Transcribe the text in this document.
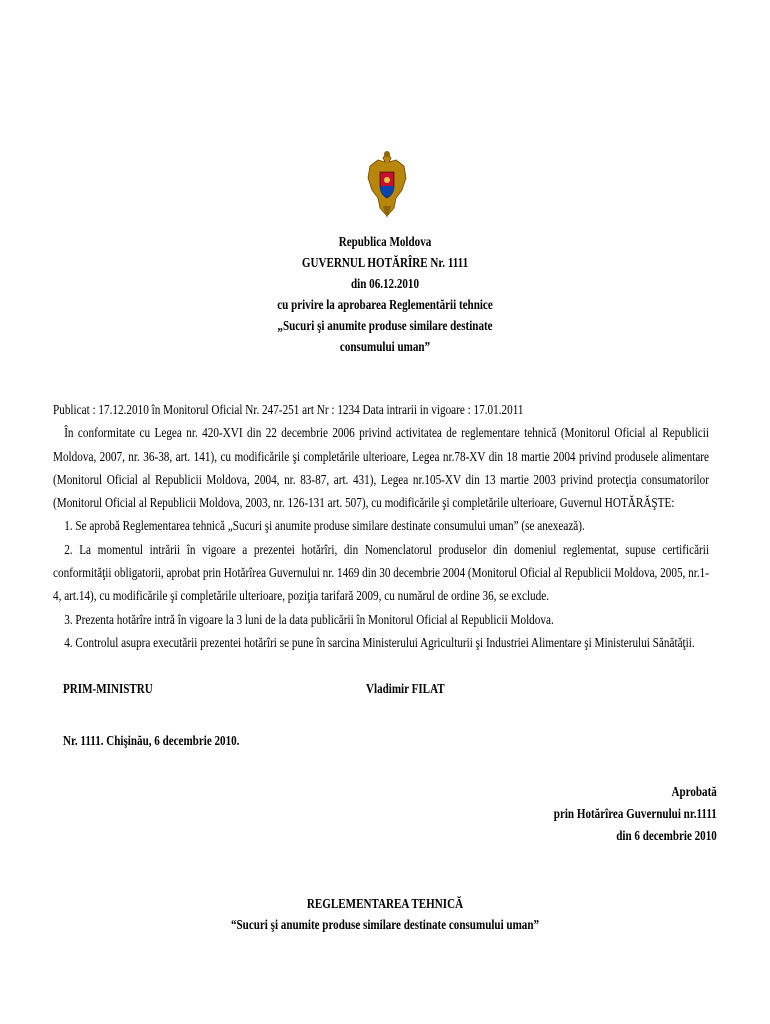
Republica Moldova
GUVERNUL HOTĂRÎRE Nr. 1111
din 06.12.2010
cu privire la aprobarea Reglementării tehnice
„Sucuri şi anumite produse similare destinate
consumului uman”

Publicat : 17.12.2010 în Monitorul Oficial Nr. 247-251 art Nr : 1234 Data intrarii in vigoare : 17.01.2011

În conformitate cu Legea nr. 420-XVI din 22 decembrie 2006 privind activitatea de reglementare tehnică (Monitorul Oficial al Republicii Moldova, 2007, nr. 36-38, art. 141), cu modificările şi completările ulterioare, Legea nr.78-XV din 18 martie 2004 privind produsele alimentare (Monitorul Oficial al Republicii Moldova, 2004, nr. 83-87, art. 431), Legea nr.105-XV din 13 martie 2003 privind protecţia consumatorilor (Monitorul Oficial al Republicii Moldova, 2003, nr. 126-131 art. 507), cu modificările şi completările ulterioare, Guvernul HOTĂRĂŞTE:

1. Se aprobă Reglementarea tehnică „Sucuri şi anumite produse similare destinate consumului uman” (se anexează).

2. La momentul intrării în vigoare a prezentei hotărîri, din Nomenclatorul produselor din domeniul reglementat, supuse certificării conformităţii obligatorii, aprobat prin Hotărîrea Guvernului nr. 1469 din 30 decembrie 2004 (Monitorul Oficial al Republicii Moldova, 2005, nr.1-4, art.14), cu modificările şi completările ulterioare, poziţia tarifară 2009, cu numărul de ordine 36, se exclude.

3. Prezenta hotărîre intră în vigoare la 3 luni de la data publicării în Monitorul Oficial al Republicii Moldova.

4. Controlul asupra executării prezentei hotărîri se pune în sarcina Ministerului Agriculturii şi Industriei Alimentare şi Ministerului Sănătăţii.

PRIM-MINISTRU	Vladimir FILAT
Nr. 1111. Chişinău, 6 decembrie 2010.
Aprobată
prin Hotărîrea Guvernului nr.1111
din 6 decembrie 2010
REGLEMENTAREA TEHNICĂ
“Sucuri şi anumite produse similare destinate consumului uman”
